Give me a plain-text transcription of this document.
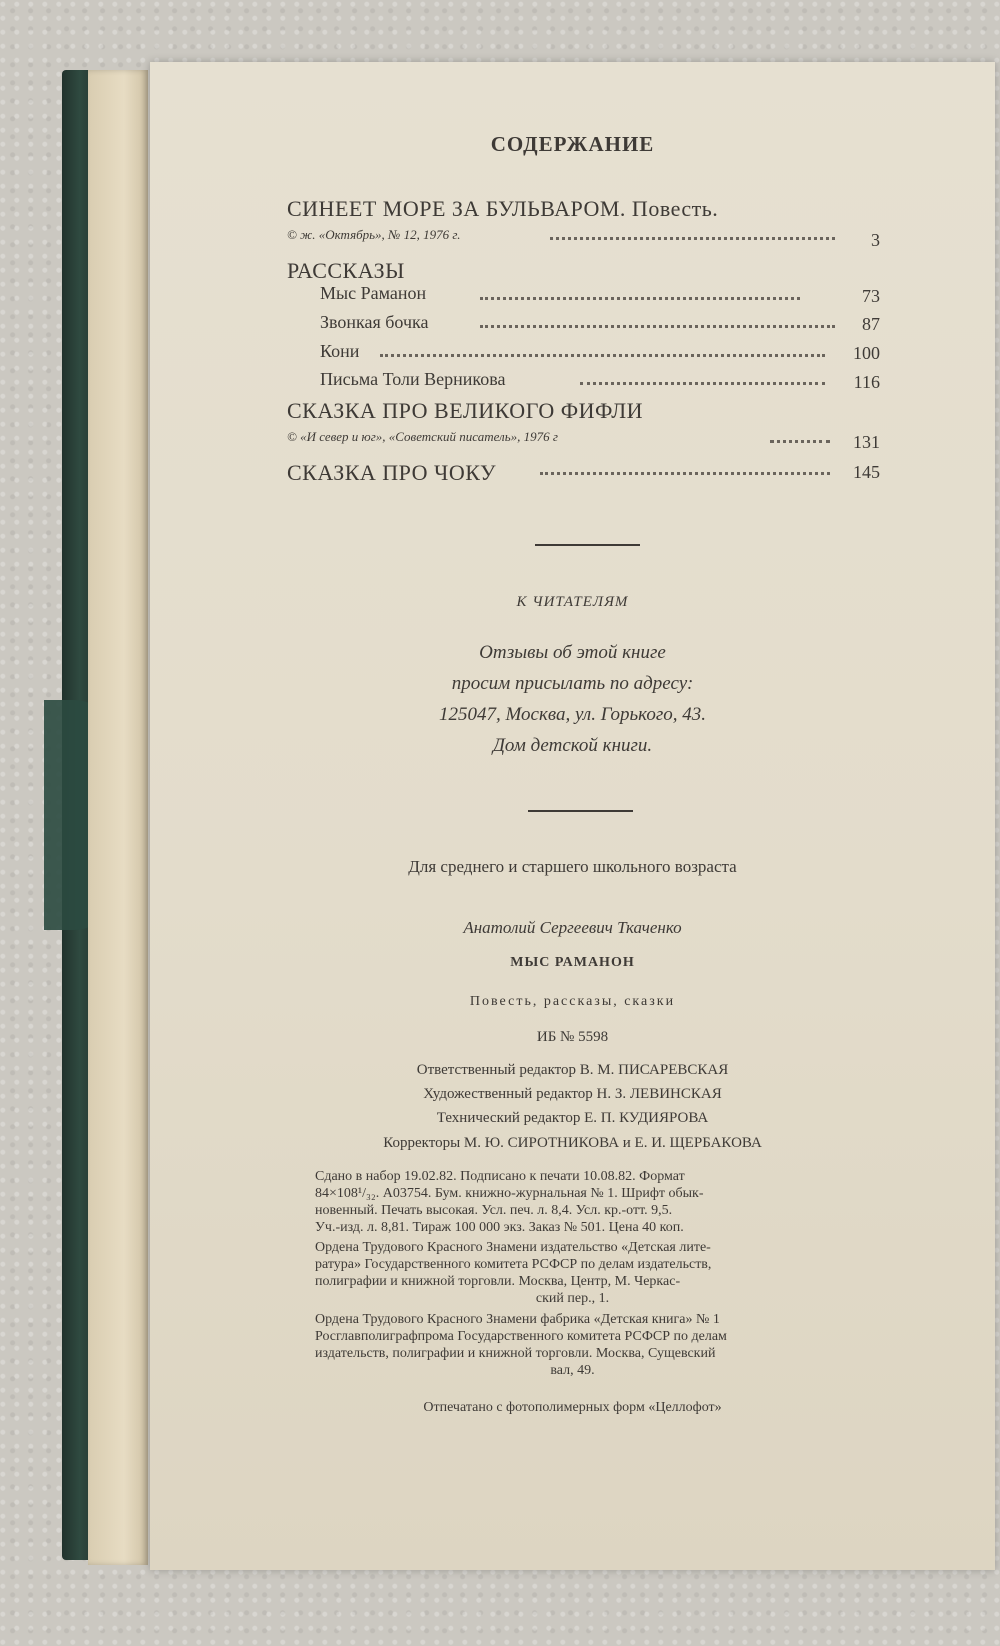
СОДЕРЖАНИЕ
СИНЕЕТ МОРЕ ЗА БУЛЬВАРОМ. Повесть.
© ж. «Октябрь», № 12, 1976 г.	3
РАССКАЗЫ
Мыс Раманон	73
Звонкая бочка	87
Кони	100
Письма Толи Верникова	116
СКАЗКА ПРО ВЕЛИКОГО ФИФЛИ
© «И север и юг», «Советский писатель», 1976 г	131
СКАЗКА ПРО ЧОКУ	145
К ЧИТАТЕЛЯМ
Отзывы об этой книге
просим присылать по адресу:
125047, Москва, ул. Горького, 43.
Дом детской книги.
Для среднего и старшего школьного возраста
Анатолий Сергеевич Ткаченко
МЫС РАМАНОН
Повесть, рассказы, сказки
ИБ № 5598
Ответственный редактор В. М. ПИСАРЕВСКАЯ
Художественный редактор Н. З. ЛЕВИНСКАЯ
Технический редактор Е. П. КУДИЯРОВА
Корректоры М. Ю. СИРОТНИКОВА и Е. И. ЩЕРБАКОВА
Сдано в набор 19.02.82. Подписано к печати 10.08.82. Формат
84×108¹/₃₂. А03754. Бум. книжно-журнальная № 1. Шрифт обык-
новенный. Печать высокая. Усл. печ. л. 8,4. Усл. кр.-отт. 9,5.
Уч.-изд. л. 8,81. Тираж 100 000 экз. Заказ № 501. Цена 40 коп.
Ордена Трудового Красного Знамени издательство «Детская лите-
ратура» Государственного комитета РСФСР по делам издательств,
полиграфии и книжной торговли. Москва, Центр, М. Черкас-
ский пер., 1.
Ордена Трудового Красного Знамени фабрика «Детская книга» № 1
Росглавполиграфпрома Государственного комитета РСФСР по делам
издательств, полиграфии и книжной торговли. Москва, Сущевский
вал, 49.
Отпечатано с фотополимерных форм «Целлофот»
